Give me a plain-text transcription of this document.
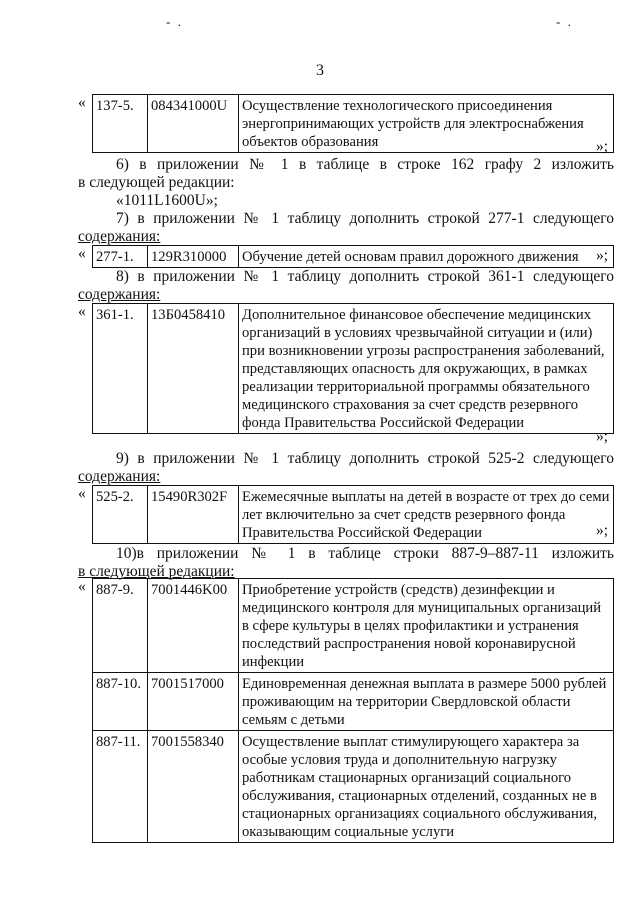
- .	- .
3
« 137-5.	084341000U	Осуществление технологического присоединения энергопринимающих устройств для электроснабжения объектов образования	»;
6) в приложении № 1 в таблице в строке 162 графу 2 изложить
в следующей редакции:
«1011L1600U»;
7) в приложении № 1 таблицу дополнить строкой 277-1 следующего
содержания:
« 277-1.	129R310000	Обучение детей основам правил дорожного движения »;
8) в приложении № 1 таблицу дополнить строкой 361-1 следующего
содержания:
« 361-1.	13Б0458410	Дополнительное финансовое обеспечение медицинских организаций в условиях чрезвычайной ситуации и (или) при возникновении угрозы распространения заболеваний, представляющих опасность для окружающих, в рамках реализации территориальной программы обязательного медицинского страхования за счет средств резервного фонда Правительства Российской Федерации
»;
9) в приложении № 1 таблицу дополнить строкой 525-2 следующего
содержания:
« 525-2.	15490R302F	Ежемесячные выплаты на детей в возрасте от трех до семи лет включительно за счет средств резервного фонда Правительства Российской Федерации	»;
10)в приложении № 1 в таблице строки 887-9–887-11 изложить
в следующей редакции:
« 887-9.	7001446K00	Приобретение устройств (средств) дезинфекции и медицинского контроля для муниципальных организаций в сфере культуры в целях профилактики и устранения последствий распространения новой коронавирусной инфекции
887-10.	7001517000	Единовременная денежная выплата в размере 5000 рублей проживающим на территории Свердловской области семьям с детьми
887-11.	7001558340	Осуществление выплат стимулирующего характера за особые условия труда и дополнительную нагрузку работникам стационарных организаций социального обслуживания, стационарных отделений, созданных не в стационарных организациях социального обслуживания, оказывающим социальные услуги
